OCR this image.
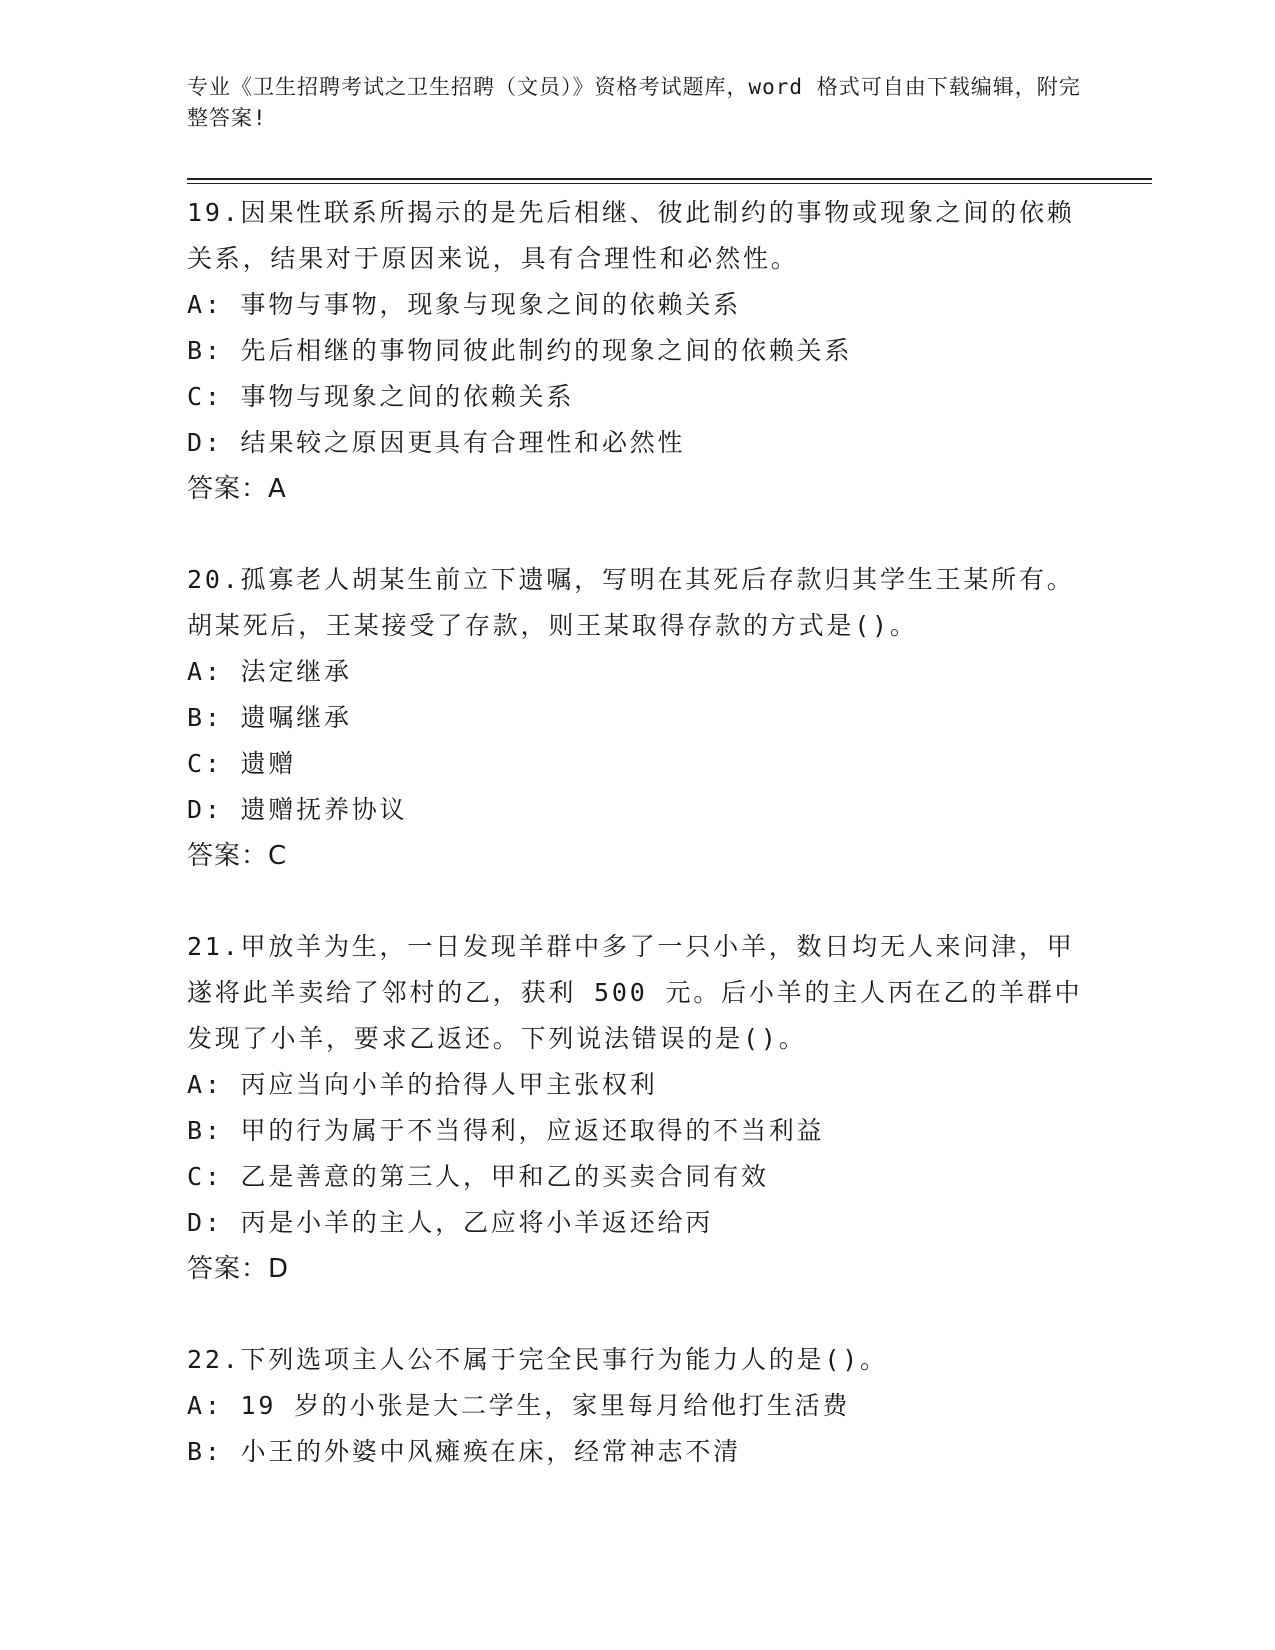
专业《卫生招聘考试之卫生招聘（文员）》资格考试题库，word 格式可自由下载编辑，附完整答案!
19.因果性联系所揭示的是先后相继、彼此制约的事物或现象之间的依赖关系，结果对于原因来说，具有合理性和必然性。
A: 事物与事物，现象与现象之间的依赖关系
B: 先后相继的事物同彼此制约的现象之间的依赖关系
C: 事物与现象之间的依赖关系
D: 结果较之原因更具有合理性和必然性
答案：A
20.孤寡老人胡某生前立下遗嘱，写明在其死后存款归其学生王某所有。胡某死后，王某接受了存款，则王某取得存款的方式是()。
A: 法定继承
B: 遗嘱继承
C: 遗赠
D: 遗赠抚养协议
答案：C
21.甲放羊为生，一日发现羊群中多了一只小羊，数日均无人来问津，甲遂将此羊卖给了邻村的乙，获利 500 元。后小羊的主人丙在乙的羊群中发现了小羊，要求乙返还。下列说法错误的是()。
A: 丙应当向小羊的拾得人甲主张权利
B: 甲的行为属于不当得利，应返还取得的不当利益
C: 乙是善意的第三人，甲和乙的买卖合同有效
D: 丙是小羊的主人，乙应将小羊返还给丙
答案：D
22.下列选项主人公不属于完全民事行为能力人的是()。
A: 19 岁的小张是大二学生，家里每月给他打生活费
B: 小王的外婆中风瘫痪在床，经常神志不清
